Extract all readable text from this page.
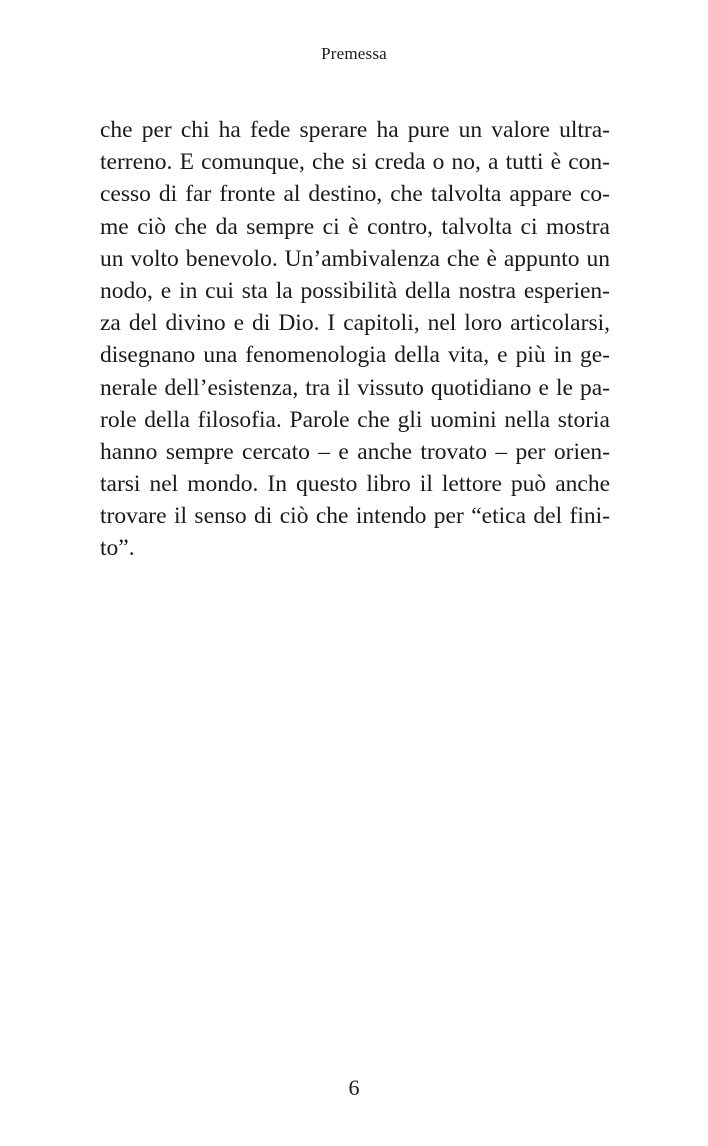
Premessa
che per chi ha fede sperare ha pure un valore ultra-
terreno. E comunque, che si creda o no, a tutti è con-
cesso di far fronte al destino, che talvolta appare co-
me ciò che da sempre ci è contro, talvolta ci mostra
un volto benevolo. Un’ambivalenza che è appunto un
nodo, e in cui sta la possibilità della nostra esperien-
za del divino e di Dio. I capitoli, nel loro articolarsi,
disegnano una fenomenologia della vita, e più in ge-
nerale dell’esistenza, tra il vissuto quotidiano e le pa-
role della filosofia. Parole che gli uomini nella storia
hanno sempre cercato – e anche trovato – per orien-
tarsi nel mondo. In questo libro il lettore può anche
trovare il senso di ciò che intendo per “etica del fini-
to”.
6
